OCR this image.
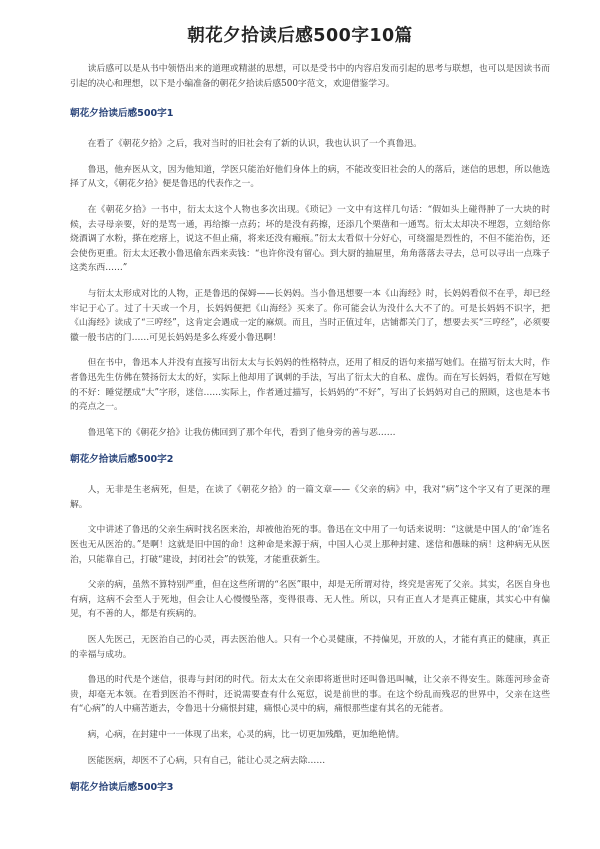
朝花夕拾读后感500字10篇

读后感可以是从书中领悟出来的道理或精湛的思想，可以是受书中的内容启发而引起的思考与联想，也可以是因读书而引起的决心和理想，以下是小编准备的朝花夕拾读后感500字范文，欢迎借鉴学习。

朝花夕拾读后感500字1

在看了《朝花夕拾》之后，我对当时的旧社会有了新的认识，我也认识了一个真鲁迅。

鲁迅，他弃医从文，因为他知道，学医只能治好他们身体上的病，不能改变旧社会的人的落后，迷信的思想，所以他选择了从文，《朝花夕拾》便是鲁迅的代表作之一。

在《朝花夕拾》一书中，衍太太这个人物也多次出现。《琐记》一文中有这样几句话：“假如头上碰得肿了一大块的时候，去寻母亲要，好的是骂一通，再给擦一点药；坏的是没有药擦，还添几个栗凿和一通骂。衍太太却决不埋怨，立刻给你烧酒调了水粉，搽在疙瘩上，说这不但止痛，将来还没有瘢痕。”衍太太看似十分好心，可绕溜是烈性的，不但不能治伤，还会使伤更重。衍太太还教小鲁迅偷东西来卖钱：“也许你没有留心。到大厨的抽屉里，角角落落去寻去，总可以寻出一点珠子这类东西……”

与衍太太形成对比的人物，正是鲁迅的保姆——长妈妈。当小鲁迅想要一本《山海经》时，长妈妈看似不在乎，却已经牢记于心了。过了十天或一个月，长妈妈便把《山海经》买来了。你可能会认为没什么大不了的。可是长妈妈不识字，把《山海经》读成了“三哼经”，这肯定会遇成一定的麻烦。而且，当时正值过年，店铺都关门了，想要去买“三哼经”，必须要徽一般书店的门……可见长妈妈是多么疼爱小鲁迅啊！

但在书中，鲁迅本人并没有直接写出衍太太与长妈妈的性格特点，还用了相反的语句来描写她们。在描写衍太大时，作者鲁迅先生仿佛在赞扬衍太太的好，实际上他却用了讽刺的手法，写出了衍太大的自私、虚伪。而在写长妈妈，看似在写她的不好：睡觉摆成“大”字形，迷信……实际上，作者通过描写，长妈妈的“不好”，写出了长妈妈对自己的照顾，这也是本书的亮点之一。

鲁迅笔下的《朝花夕拾》让我仿佛回到了那个年代，看到了他身旁的善与恶……

朝花夕拾读后感500字2

人，无非是生老病死，但是，在读了《朝花夕拾》的一篇文章——《父亲的病》中，我对“病”这个字又有了更深的理解。

文中讲述了鲁迅的父亲生病时找名医来治，却被他治死的事。鲁迅在文中用了一句话来说明：“这就是中国人的‘命’连名医也无从医治的。”是啊！这就是旧中国的命！这种命是来源于病，中国人心灵上那种封建、迷信和愚昧的病！这种病无从医治，只能靠自己，打破“建设，封闭社会”的铁笼，才能重获新生。

父亲的病，虽然不算特别严重，但在这些所谓的“名医”眼中，却是无所谓对待，终究是害死了父亲。其实，名医自身也有病，这病不会至人于死地，但会让人心慢慢坠落，变得很毒、无人性。所以，只有正直人才是真正健康，其实心中有偏见，有不善的人，都是有疾病的。

医人先医己，无医治自己的心灵，再去医治他人。只有一个心灵健康，不持偏见，开放的人，才能有真正的健康，真正的幸福与成功。

鲁迅的时代是个迷信，很毒与封闭的时代。衍太太在父亲即将逝世时还叫鲁迅叫喊，让父亲不得安生。陈莲河珍金奇贵，却毫无本领。在看到医治不得时，还说需要查有什么冤愆，说是前世的事。在这个纷乱而残忍的世界中，父亲在这些有“心病”的人中痛苦逝去，令鲁迅十分痛恨封建，痛恨心灵中的病，痛恨那些虚有其名的无能者。

病，心病，在封建中一一体现了出来，心灵的病，比一切更加残酷，更加绝艳情。

医能医病，却医不了心病，只有自己，能让心灵之病去除……

朝花夕拾读后感500字3
